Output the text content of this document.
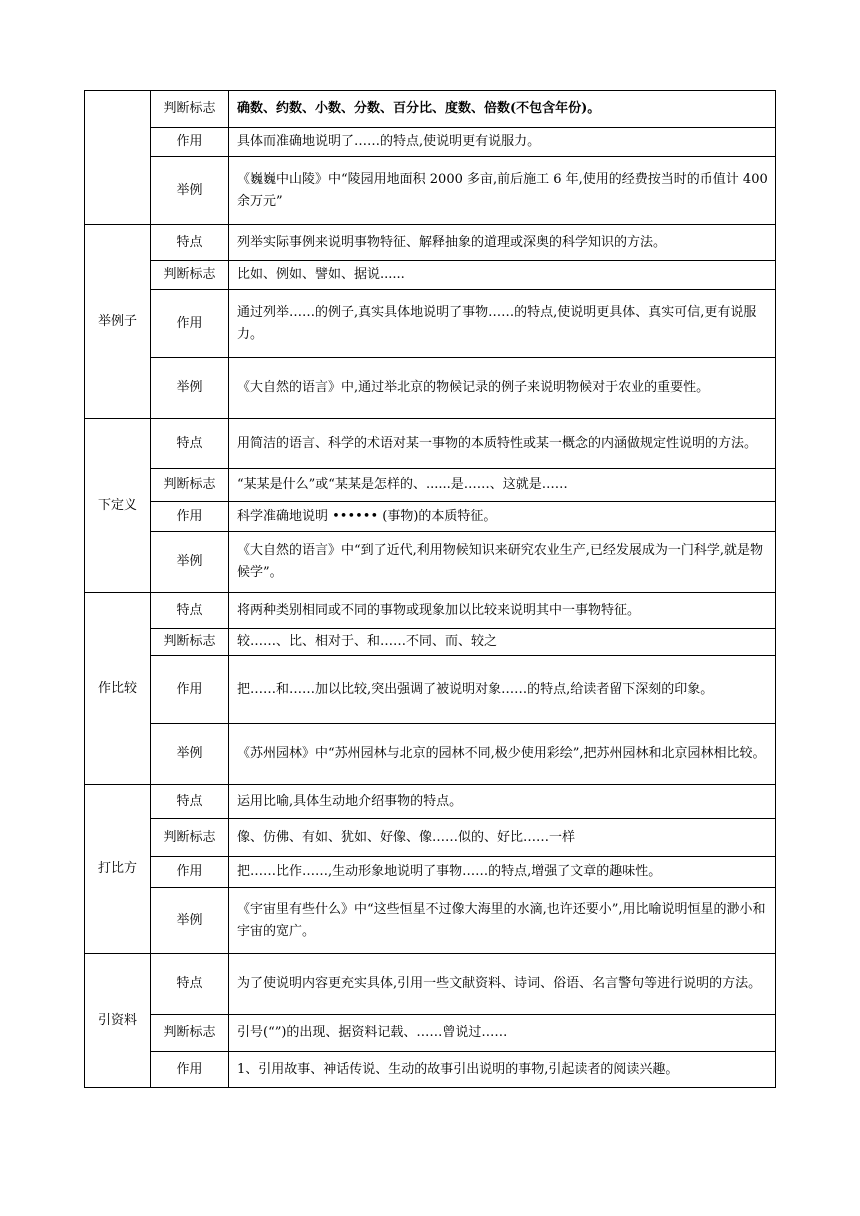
	判断标志	确数、约数、小数、分数、百分比、度数、倍数(不包含年份)。
	作用	具体而准确地说明了……的特点,使说明更有说服力。
	举例	《巍巍中山陵》中“陵园用地面积 2000 多亩,前后施工 6 年,使用的经费按当时的币值计 400 余万元”
举例子	特点	列举实际事例来说明事物特征、解释抽象的道理或深奥的科学知识的方法。
	判断标志	比如、例如、譬如、据说......
	作用	通过列举……的例子,真实具体地说明了事物……的特点,使说明更具体、真实可信,更有说服力。
	举例	《大自然的语言》中,通过举北京的物候记录的例子来说明物候对于农业的重要性。
下定义	特点	用简洁的语言、科学的术语对某一事物的本质特性或某一概念的内涵做规定性说明的方法。
	判断标志	“某某是什么”或“某某是怎样的、......是……、这就是……
	作用	科学准确地说明 •••••• (事物)的本质特征。
	举例	《大自然的语言》中“到了近代,利用物候知识来研究农业生产,已经发展成为一门科学,就是物候学”。
作比较	特点	将两种类别相同或不同的事物或现象加以比较来说明其中一事物特征。
	判断标志	较……、比、相对于、和……不同、而、较之
	作用	把……和……加以比较,突出强调了被说明对象……的特点,给读者留下深刻的印象。
	举例	《苏州园林》中“苏州园林与北京的园林不同,极少使用彩绘”,把苏州园林和北京园林相比较。
打比方	特点	运用比喻,具体生动地介绍事物的特点。
	判断标志	像、仿佛、有如、犹如、好像、像……似的、好比……一样
	作用	把……比作……,生动形象地说明了事物……的特点,增强了文章的趣味性。
	举例	《宇宙里有些什么》中“这些恒星不过像大海里的水滴,也许还要小”,用比喻说明恒星的渺小和宇宙的宽广。
引资料	特点	为了使说明内容更充实具体,引用一些文献资料、诗词、俗语、名言警句等进行说明的方法。
	判断标志	引号(“”)的出现、据资料记载、……曾说过……
	作用	1、引用故事、神话传说、生动的故事引出说明的事物,引起读者的阅读兴趣。
